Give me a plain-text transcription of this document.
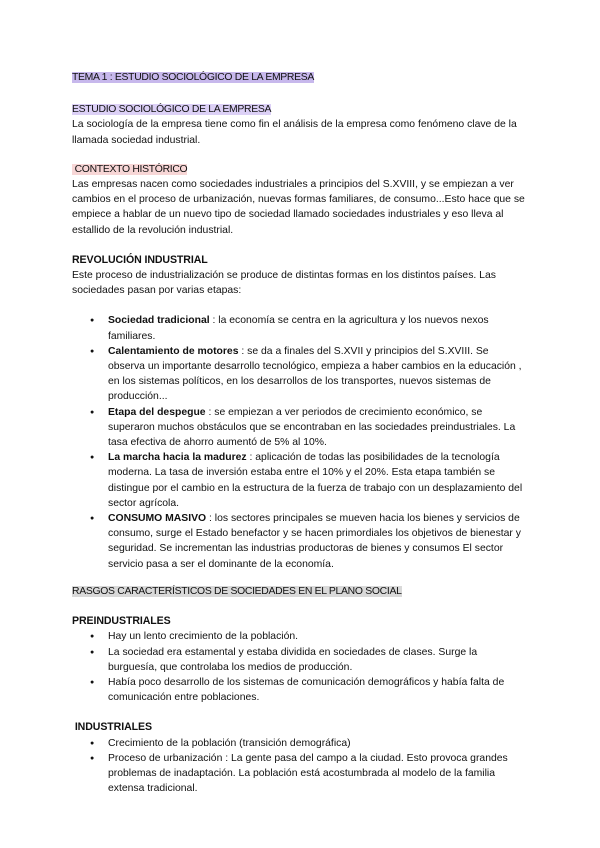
TEMA 1 : ESTUDIO SOCIOLÓGICO DE LA EMPRESA
ESTUDIO SOCIOLÓGICO DE LA EMPRESA

La sociología de la empresa tiene como fin el análisis de la empresa como fenómeno clave de la llamada sociedad industrial.

CONTEXTO HISTÓRICO

Las empresas nacen como sociedades industriales a principios del S.XVIII, y se empiezan a ver cambios en el proceso de urbanización, nuevas formas familiares, de consumo...Esto hace que se empiece a hablar de un nuevo tipo de sociedad llamado sociedades industriales y eso lleva al estallido de la revolución industrial.

REVOLUCIÓN INDUSTRIAL

Este proceso de industrialización se produce de distintas formas en los distintos países. Las sociedades pasan por varias etapas:

● Sociedad tradicional : la economía se centra en la agricultura y los nuevos nexos familiares.
● Calentamiento de motores : se da a finales del S.XVII y principios del S.XVIII. Se observa un importante desarrollo tecnológico, empieza a haber cambios en la educación , en los sistemas políticos, en los desarrollos de los transportes, nuevos sistemas de producción...
● Etapa del despegue : se empiezan a ver periodos de crecimiento económico, se superaron muchos obstáculos que se encontraban en las sociedades preindustriales. La tasa efectiva de ahorro aumentó de 5% al 10%.
● La marcha hacia la madurez : aplicación de todas las posibilidades de la tecnología moderna. La tasa de inversión estaba entre el 10% y el 20%. Esta etapa también se distingue por el cambio en la estructura de la fuerza de trabajo con un desplazamiento del sector agrícola.
● CONSUMO MASIVO : los sectores principales se mueven hacia los bienes y servicios de consumo, surge el Estado benefactor y se hacen primordiales los objetivos de bienestar y seguridad. Se incrementan las industrias productoras de bienes y consumos El sector servicio pasa a ser el dominante de la economía.
RASGOS CARACTERÍSTICOS DE SOCIEDADES EN EL PLANO SOCIAL
PREINDUSTRIALES
● Hay un lento crecimiento de la población.
● La sociedad era estamental y estaba dividida en sociedades de clases. Surge la burguesía, que controlaba los medios de producción.
● Había poco desarrollo de los sistemas de comunicación demográficos y había falta de comunicación entre poblaciones.
INDUSTRIALES
● Crecimiento de la población (transición demográfica)
● Proceso de urbanización : La gente pasa del campo a la ciudad. Esto provoca grandes problemas de inadaptación. La población está acostumbrada al modelo de la familia extensa tradicional.
